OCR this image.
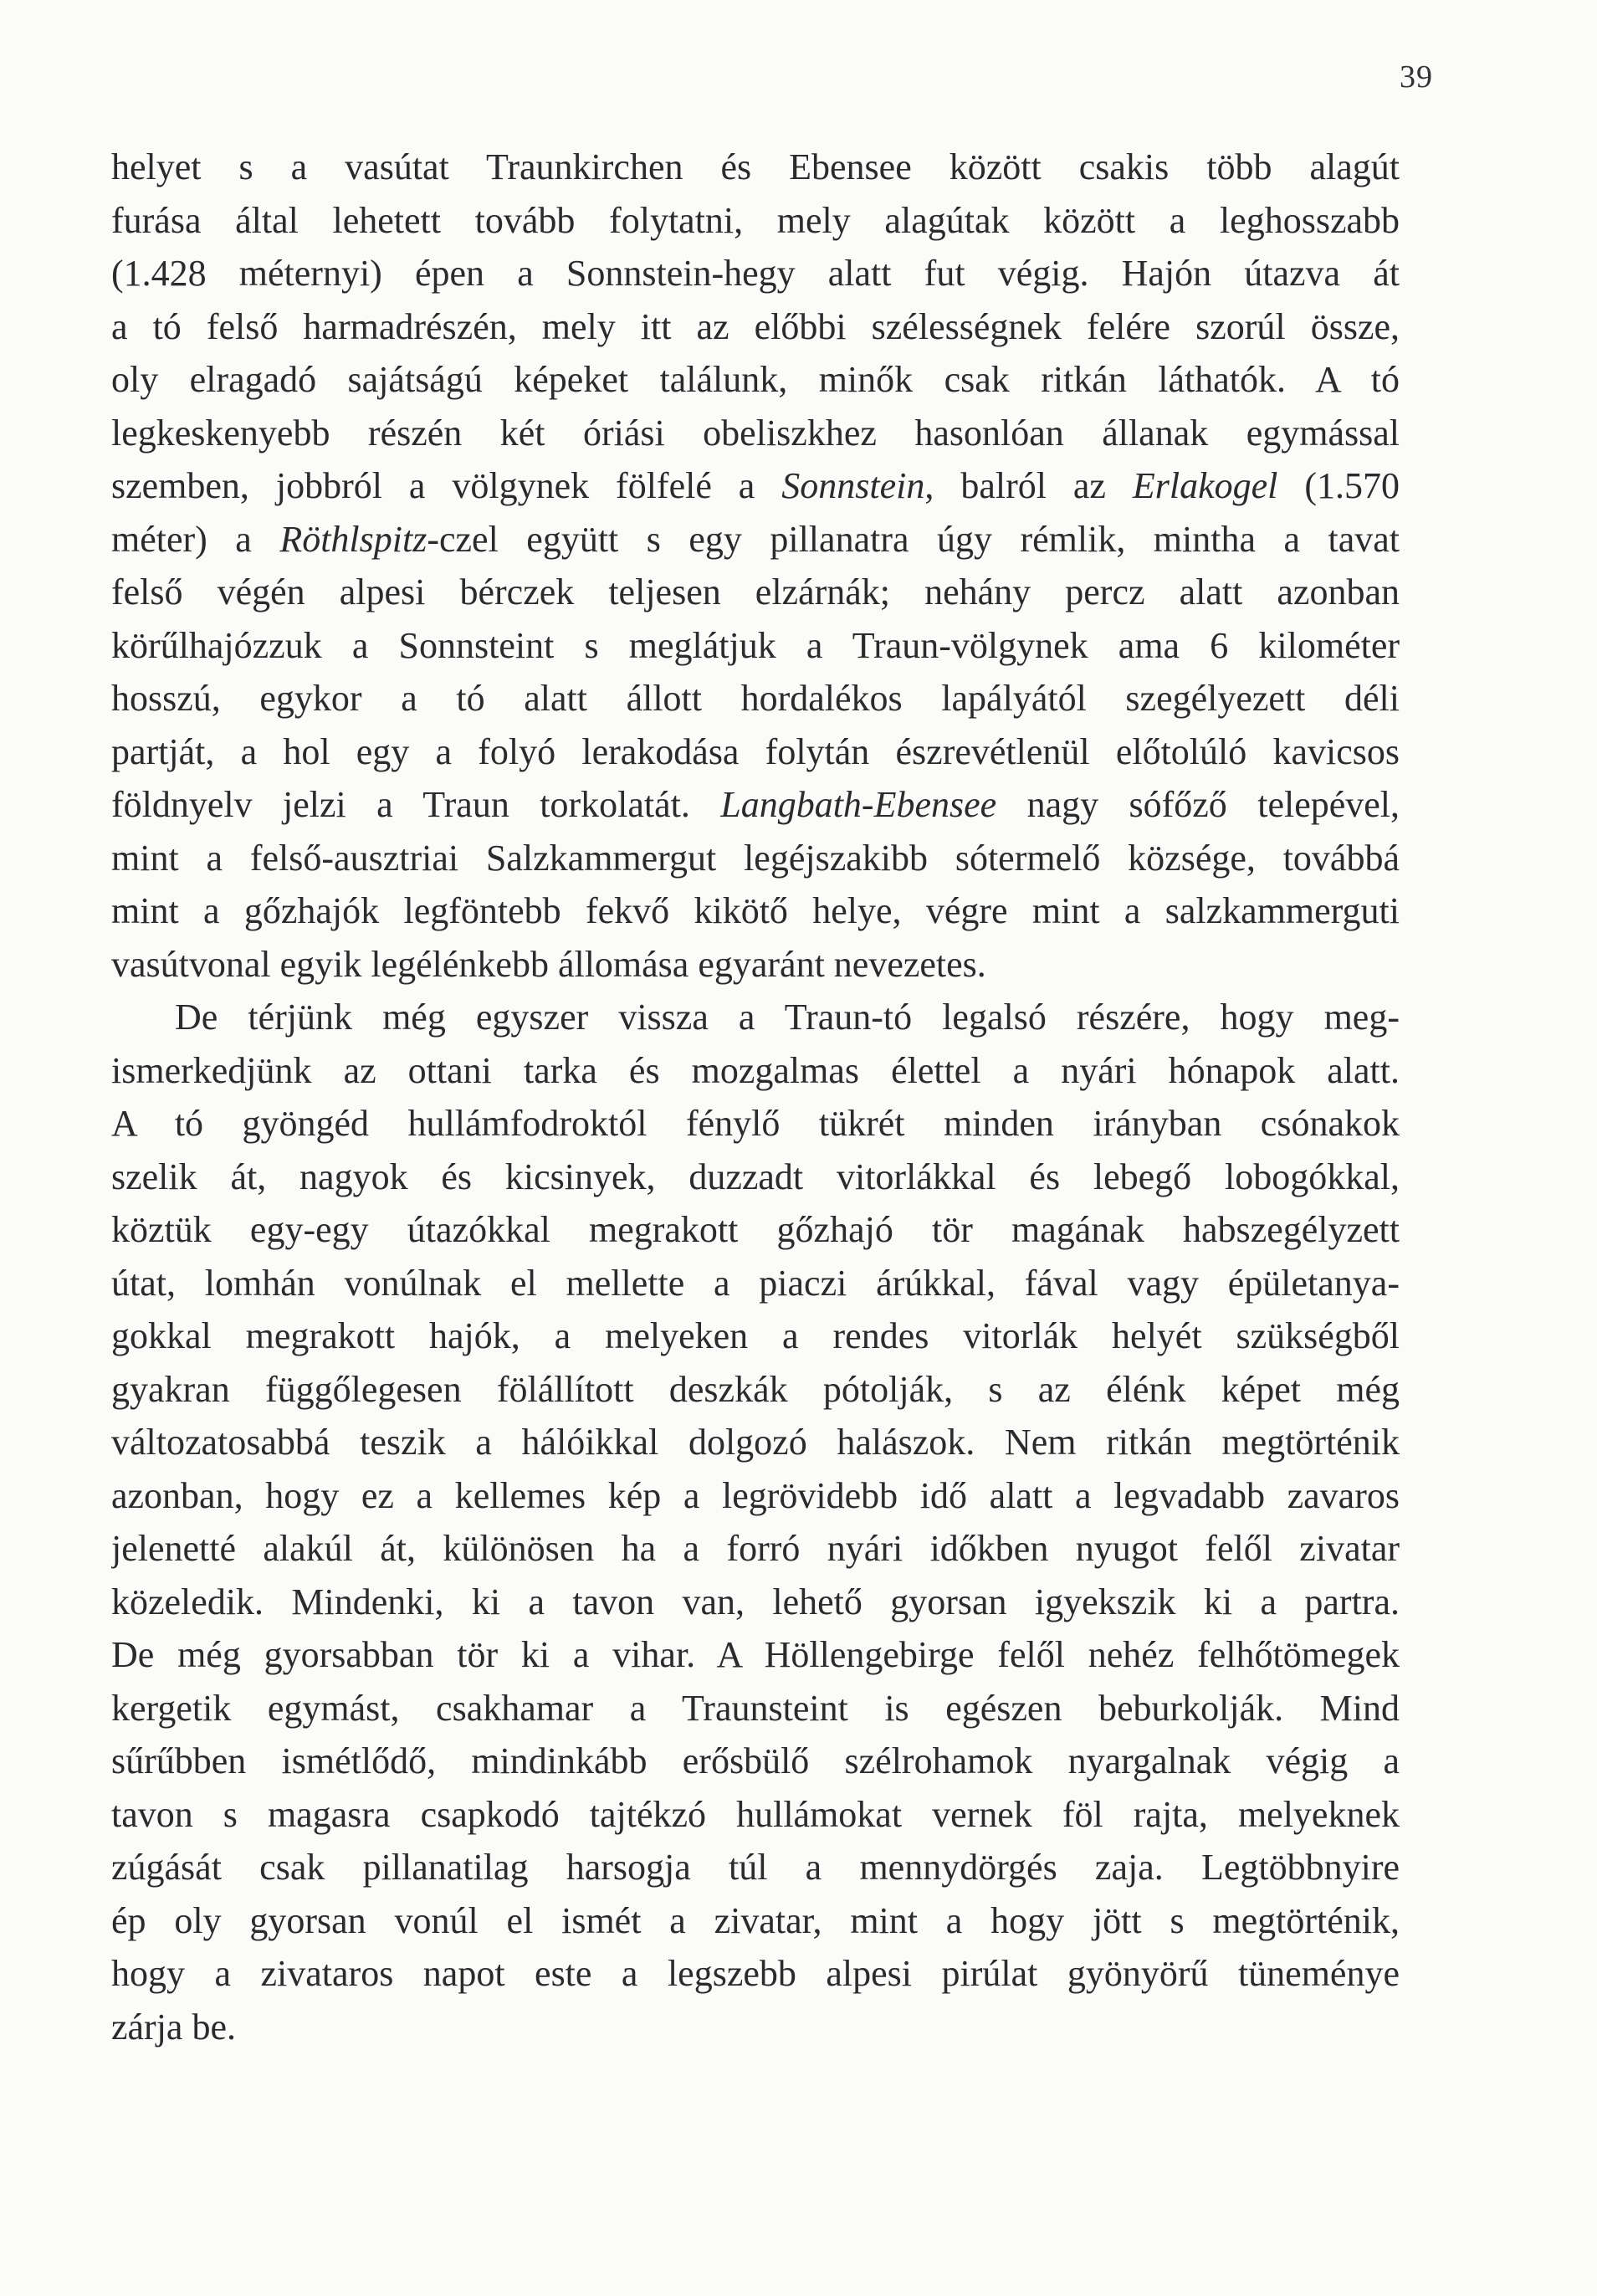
39
helyet s a vasútat Traunkirchen és Ebensee között csakis több alagút
furása által lehetett tovább folytatni, mely alagútak között a leghosszabb
(1.428 méternyi) épen a Sonnstein-hegy alatt fut végig. Hajón útazva át
a tó felső harmadrészén, mely itt az előbbi szélességnek felére szorúl össze,
oly elragadó sajátságú képeket találunk, minők csak ritkán láthatók. A tó
legkeskenyebb részén két óriási obeliszkhez hasonlóan állanak egymással
szemben, jobbról a völgynek fölfelé a Sonnstein, balról az Erlakogel (1.570
méter) a Röthlspitz-czel együtt s egy pillanatra úgy rémlik, mintha a tavat
felső végén alpesi bérczek teljesen elzárnák; nehány percz alatt azonban
körűlhajózzuk a Sonnsteint s meglátjuk a Traun-völgynek ama 6 kilométer
hosszú, egykor a tó alatt állott hordalékos lapályától szegélyezett déli
partját, a hol egy a folyó lerakodása folytán észrevétlenül előtolúló kavicsos
földnyelv jelzi a Traun torkolatát. Langbath-Ebensee nagy sófőző telepével,
mint a felső-ausztriai Salzkammergut legéjszakibb sótermelő községe, továbbá
mint a gőzhajók legföntebb fekvő kikötő helye, végre mint a salzkammerguti
vasútvonal egyik legélénkebb állomása egyaránt nevezetes.
De térjünk még egyszer vissza a Traun-tó legalsó részére, hogy meg-
ismerkedjünk az ottani tarka és mozgalmas élettel a nyári hónapok alatt.
A tó gyöngéd hullámfodroktól fénylő tükrét minden irányban csónakok
szelik át, nagyok és kicsinyek, duzzadt vitorlákkal és lebegő lobogókkal,
köztük egy-egy útazókkal megrakott gőzhajó tör magának habszegélyzett
útat, lomhán vonúlnak el mellette a piaczi árúkkal, fával vagy épületanya-
gokkal megrakott hajók, a melyeken a rendes vitorlák helyét szükségből
gyakran függőlegesen fölállított deszkák pótolják, s az élénk képet még
változatosabbá teszik a hálóikkal dolgozó halászok. Nem ritkán megtörténik
azonban, hogy ez a kellemes kép a legrövidebb idő alatt a legvadabb zavaros
jelenetté alakúl át, különösen ha a forró nyári időkben nyugot felől zivatar
közeledik. Mindenki, ki a tavon van, lehető gyorsan igyekszik ki a partra.
De még gyorsabban tör ki a vihar. A Höllengebirge felől nehéz felhőtömegek
kergetik egymást, csakhamar a Traunsteint is egészen beburkolják. Mind
sűrűbben ismétlődő, mindinkább erősbülő szélrohamok nyargalnak végig a
tavon s magasra csapkodó tajtékzó hullámokat vernek föl rajta, melyeknek
zúgását csak pillanatilag harsogja túl a mennydörgés zaja. Legtöbbnyire
ép oly gyorsan vonúl el ismét a zivatar, mint a hogy jött s megtörténik,
hogy a zivataros napot este a legszebb alpesi pirúlat gyönyörű tüneménye
zárja be.
